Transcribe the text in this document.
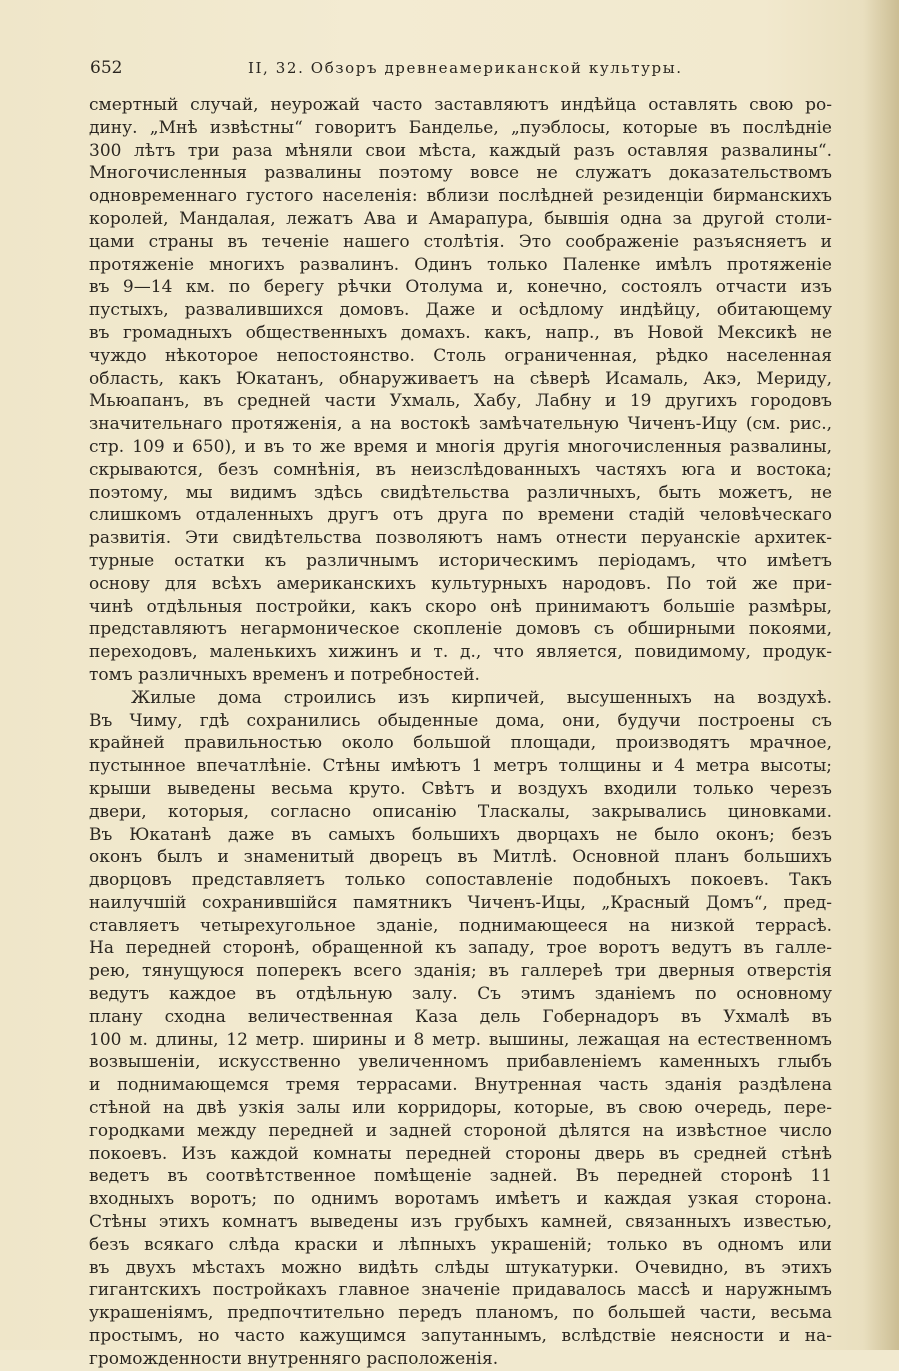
652	II, 32. Обзоръ древнеамериканской культуры.
смертный случай, неурожай часто заставляютъ индѣйца оставлять свою ро-
дину. „Мнѣ извѣстны“ говоритъ Бандельe, „пуэблосы, которые въ послѣдніе
300 лѣтъ три раза мѣняли свои мѣста, каждый разъ оставляя развалины“.
Многочисленныя развалины поэтому вовсе не служатъ доказательствомъ
одновременнаго густого населенія: вблизи послѣдней резиденціи бирманскихъ
королей, Мандалая, лежатъ Ава и Амарапура, бывшія одна за другой столи-
цами страны въ теченіе нашего столѣтія. Это соображеніе разъясняетъ и
протяженіе многихъ развалинъ. Одинъ только Паленке имѣлъ протяженіе
въ 9—14 км. по берегу рѣчки Отолума и, конечно, состоялъ отчасти изъ
пустыхъ, развалившихся домовъ. Даже и осѣдлому индѣйцу, обитающему
въ громадныхъ общественныхъ домахъ. какъ, напр., въ Новой Мексикѣ не
чуждо нѣкоторое непостоянство. Столь ограниченная, рѣдко населенная
область, какъ Юкатанъ, обнаруживаетъ на сѣверѣ Исамаль, Акэ, Мериду,
Мьюапанъ, въ средней части Ухмаль, Хабу, Лабну и 19 другихъ городовъ
значительнаго протяженія, а на востокѣ замѣчательную Чиченъ-Ицу (см. рис.,
стр. 109 и 650), и въ то же время и многія другія многочисленныя развалины,
скрываются, безъ сомнѣнія, въ неизслѣдованныхъ частяхъ юга и востока;
поэтому, мы видимъ здѣсь свидѣтельства различныхъ, быть можетъ, не
слишкомъ отдаленныхъ другъ отъ друга по времени стадій человѣческаго
развитія. Эти свидѣтельства позволяютъ намъ отнести перуанскіе архитек-
турные остатки къ различнымъ историческимъ періодамъ, что имѣетъ
основу для всѣхъ американскихъ культурныхъ народовъ. По той же при-
чинѣ отдѣльныя постройки, какъ скоро онѣ принимаютъ большіе размѣры,
представляютъ негармоническое скопленіе домовъ съ обширными покоями,
переходовъ, маленькихъ хижинъ и т. д., что является, повидимому, продук-
томъ различныхъ временъ и потребностей.
Жилые дома строились изъ кирпичей, высушенныхъ на воздухѣ.
Въ Чиму, гдѣ сохранились обыденные дома, они, будучи построены съ
крайней правильностью около большой площади, производятъ мрачное,
пустынное впечатлѣніе. Стѣны имѣютъ 1 метръ толщины и 4 метра высоты;
крыши выведены весьма круто. Свѣтъ и воздухъ входили только черезъ
двери, которыя, согласно описанію Тласкалы, закрывались циновками.
Въ Юкатанѣ даже въ самыхъ большихъ дворцахъ не было оконъ; безъ
оконъ былъ и знаменитый дворецъ въ Митлѣ. Основной планъ большихъ
дворцовъ представляетъ только сопоставленіе подобныхъ покоевъ. Такъ
наилучшій сохранившійся памятникъ Чиченъ-Ицы, „Красный Домъ“, пред-
ставляетъ четырехугольное зданіе, поднимающееся на низкой террасѣ.
На передней сторонѣ, обращенной къ западу, трое воротъ ведутъ въ галле-
рею, тянущуюся поперекъ всего зданія; въ галлереѣ три дверныя отверстія
ведутъ каждое въ отдѣльную залу. Съ этимъ зданіемъ по основному
плану сходна величественная Каза дель Гобернадоръ въ Ухмалѣ въ
100 м. длины, 12 метр. ширины и 8 метр. вышины, лежащая на естественномъ
возвышеніи, искусственно увеличенномъ прибавленіемъ каменныхъ глыбъ
и поднимающемся тремя террасами. Внутренная часть зданія раздѣлена
стѣной на двѣ узкія залы или корридоры, которые, въ свою очередь, пере-
городками между передней и задней стороной дѣлятся на извѣстное число
покоевъ. Изъ каждой комнаты передней стороны дверь въ средней стѣнѣ
ведетъ въ соотвѣтственное помѣщеніе задней. Въ передней сторонѣ 11
входныхъ воротъ; по однимъ воротамъ имѣетъ и каждая узкая сторона.
Стѣны этихъ комнатъ выведены изъ грубыхъ камней, связанныхъ известью,
безъ всякаго слѣда краски и лѣпныхъ украшеній; только въ одномъ или
въ двухъ мѣстахъ можно видѣть слѣды штукатурки. Очевидно, въ этихъ
гигантскихъ постройкахъ главное значеніе придавалось массѣ и наружнымъ
украшеніямъ, предпочтительно передъ планомъ, по большей части, весьма
простымъ, но часто кажущимся запутаннымъ, вслѣдствіе неясности и на-
громожденности внутренняго расположенія.
